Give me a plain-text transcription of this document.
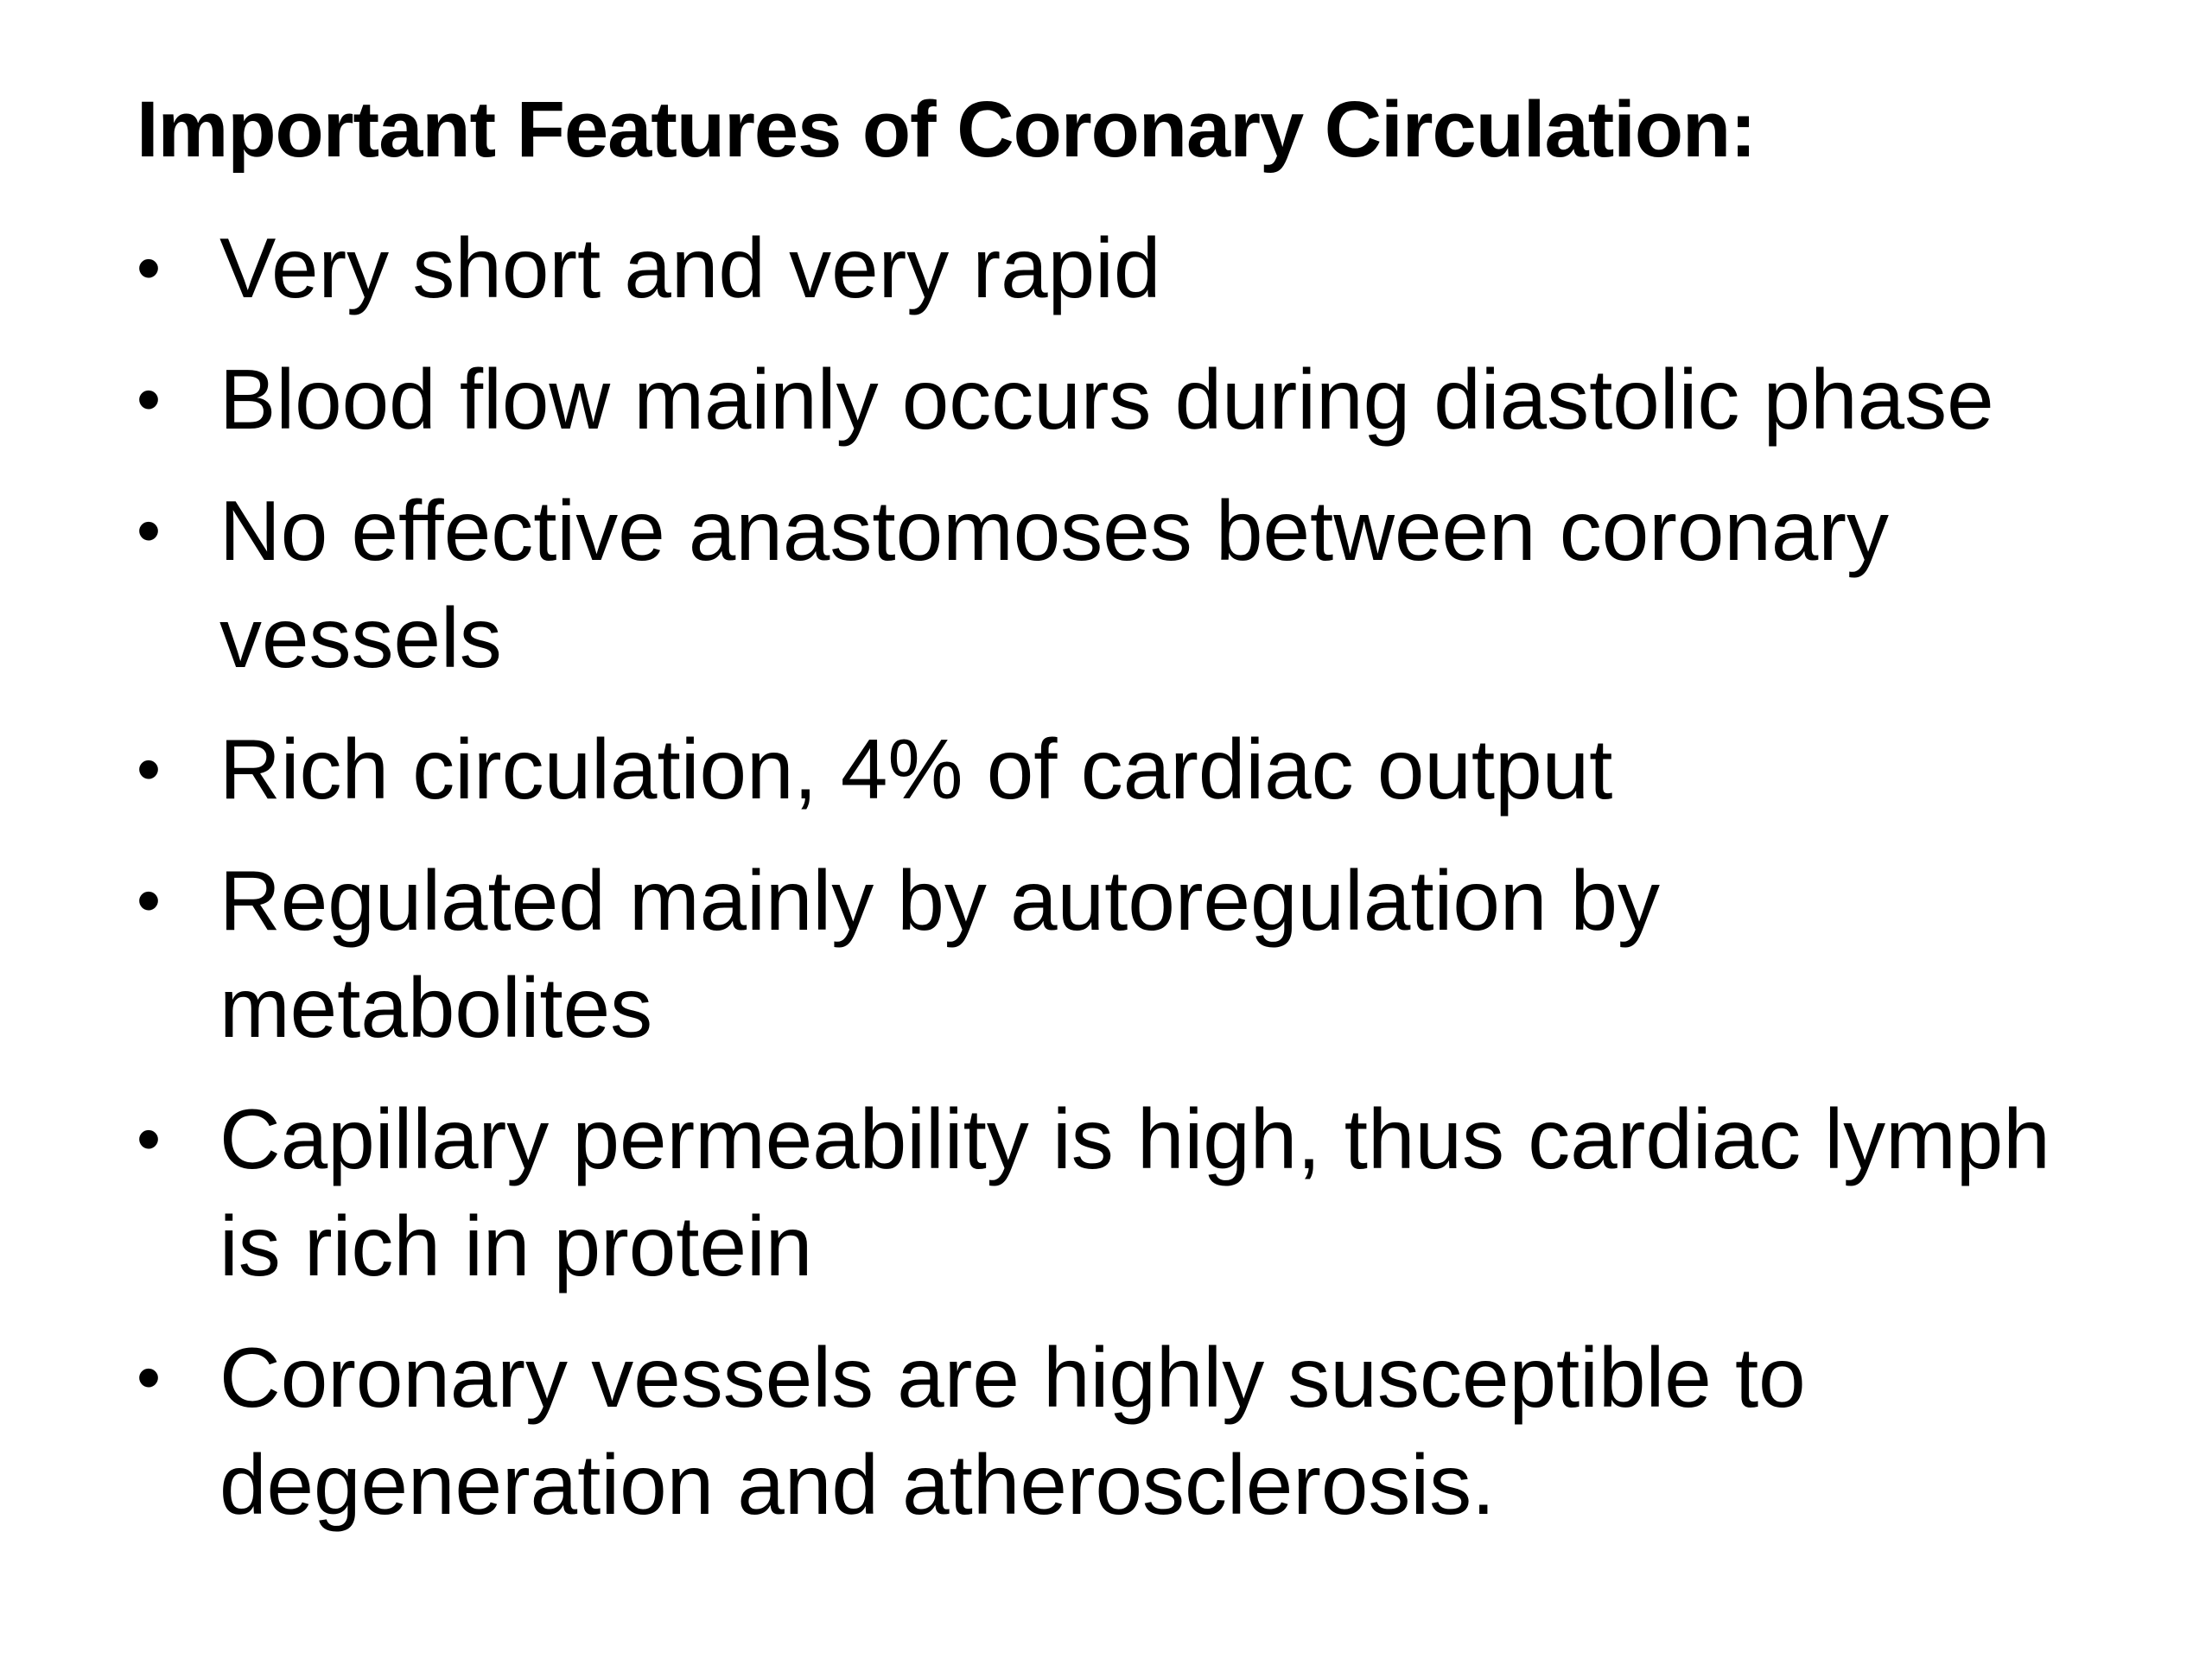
Important Features of Coronary Circulation:
• Very short and very rapid
• Blood flow mainly occurs during diastolic phase
• No effective anastomoses between coronary vessels
• Rich circulation, 4% of cardiac output
• Regulated mainly by autoregulation by metabolites
• Capillary permeability is high, thus cardiac lymph is rich in protein
• Coronary vessels are highly susceptible to degeneration and atherosclerosis.
